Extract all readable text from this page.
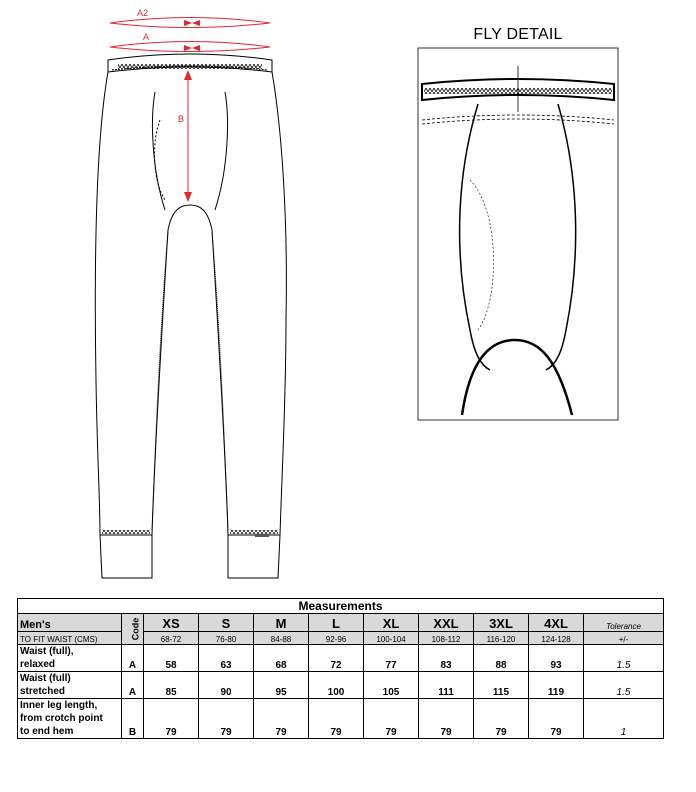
A2
A
B
FLY DETAIL
Measurements										
Men's	Code	XS	S	M	L	XL	XXL	3XL	4XL	Tolerance
TO FIT WAIST (CMS)		68-72	76-80	84-88	92-96	100-104	108-112	116-120	124-128	+/-
Waist (full),
relaxed	A	58	63	68	72	77	83	88	93	1.5
Waist (full)
stretched	A	85	90	95	100	105	111	115	119	1.5
Inner leg length,
from crotch point
to end hem	B	79	79	79	79	79	79	79	79	1
